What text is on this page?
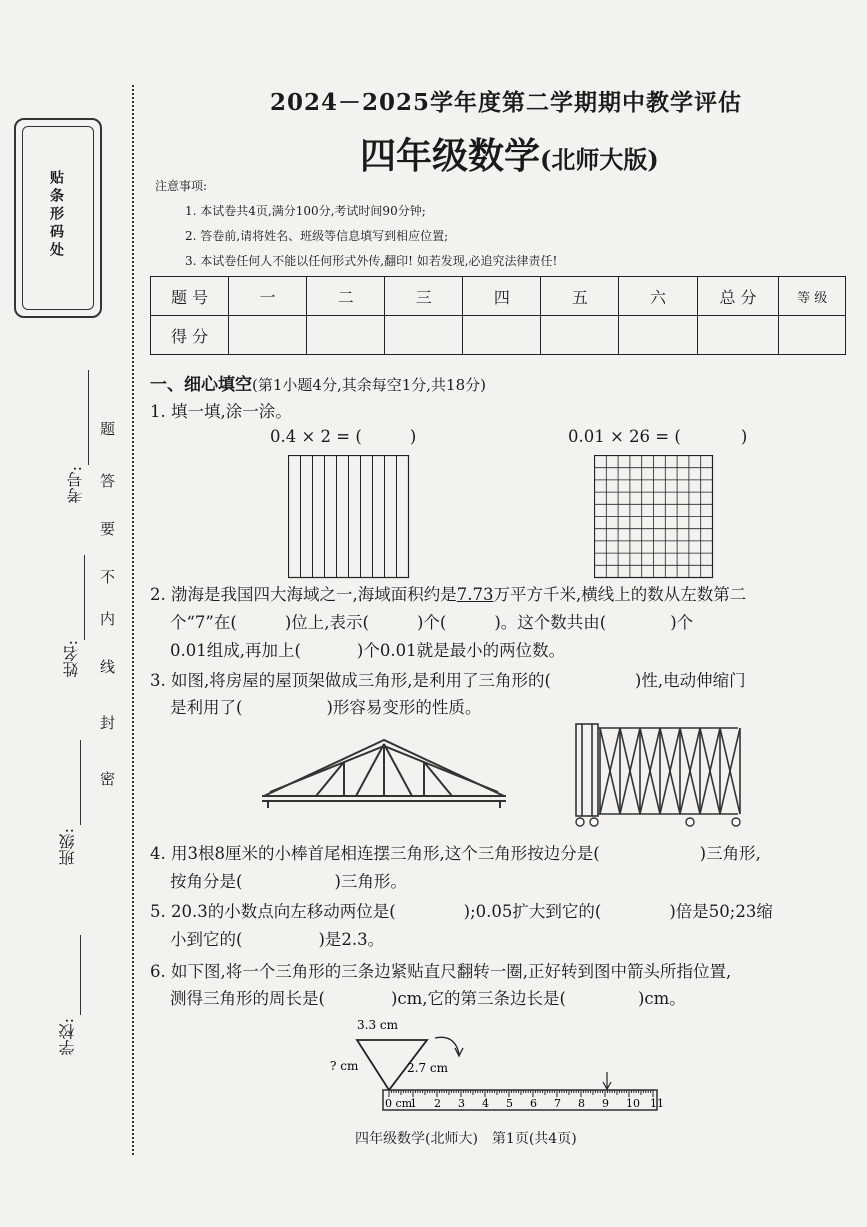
贴条形码处
学校:
班级:
姓名:
考号:
密
封
线
内
不
要
答
题
2024－2025学年度第二学期期中教学评估
四年级数学(北师大版)
注意事项:
1. 本试卷共4页,满分100分,考试时间90分钟;
2. 答卷前,请将姓名、班级等信息填写到相应位置;
3. 本试卷任何人不能以任何形式外传,翻印! 如若发现,必追究法律责任!
题 号	一	二	三	四	五	六	总 分	等 级
得 分								
一、细心填空(第1小题4分,其余每空1分,共18分)
1. 填一填,涂一涂。
0.4 × 2 = (	)	0.01 × 26 = (	)
2. 渤海是我国四大海域之一,海域面积约是7.73万平方千米,横线上的数从左数第二
个“7”在(	)位上,表示(	)个(	)。这个数共由(	)个
0.01组成,再加上(	)个0.01就是最小的两位数。
3. 如图,将房屋的屋顶架做成三角形,是利用了三角形的(	)性,电动伸缩门
是利用了(	)形容易变形的性质。
4. 用3根8厘米的小棒首尾相连摆三角形,这个三角形按边分是(	)三角形,
按角分是(	)三角形。
5. 20.3的小数点向左移动两位是(	);0.05扩大到它的(	)倍是50;23缩
小到它的(	)是2.3。
6. 如下图,将一个三角形的三条边紧贴直尺翻转一圈,正好转到图中箭头所指位置,
测得三角形的周长是(	)cm,它的第三条边长是(	)cm。
3.3 cm
? cm	2.7 cm
0 cm
1 2 3 4 5 6 7 8 9 10 11
四年级数学(北师大)　第1页(共4页)
